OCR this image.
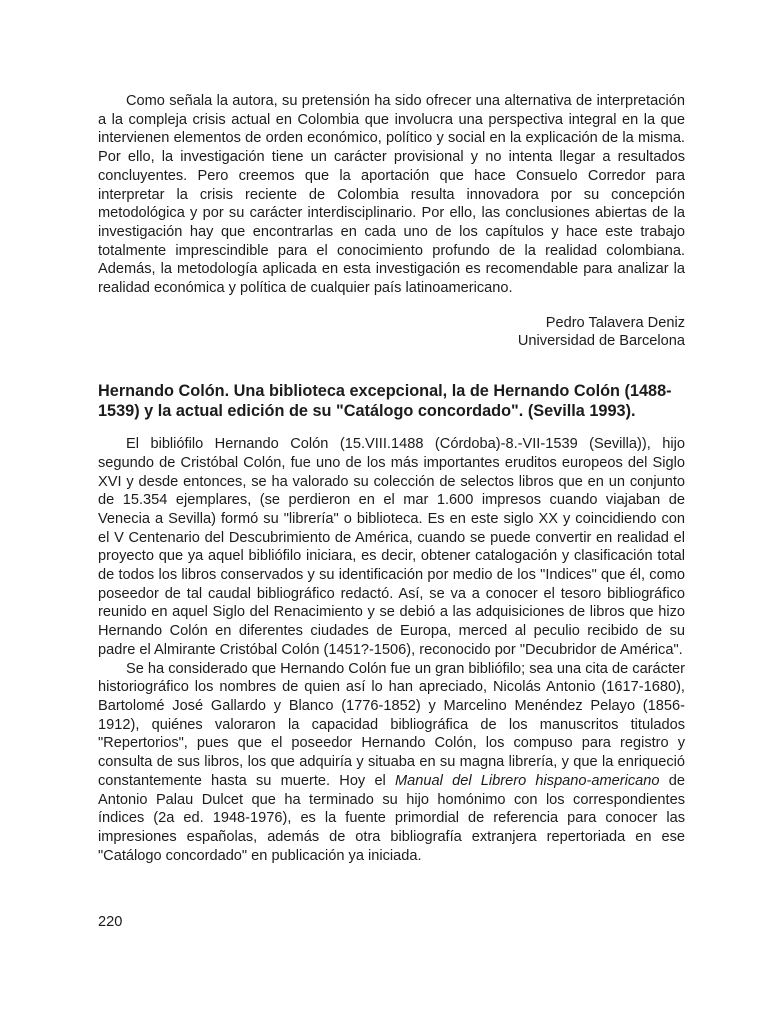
Como señala la autora, su pretensión ha sido ofrecer una alternativa de interpretación a la compleja crisis actual en Colombia que involucra una perspectiva integral en la que intervienen elementos de orden económico, político y social en la explicación de la misma. Por ello, la investigación tiene un carácter provisional y no intenta llegar a resultados concluyentes. Pero creemos que la aportación que hace Consuelo Corredor para interpretar la crisis reciente de Colombia resulta innovadora por su concepción metodológica y por su carácter interdisciplinario. Por ello, las conclusiones abiertas de la investigación hay que encontrarlas en cada uno de los capítulos y hace este trabajo totalmente imprescindible para el conocimiento profundo de la realidad colombiana. Además, la metodología aplicada en esta investigación es recomendable para analizar la realidad económica y política de cualquier país latinoamericano.

Pedro Talavera Deniz
Universidad de Barcelona
Hernando Colón. Una biblioteca excepcional, la de Hernando Colón (1488-1539) y la actual edición de su "Catálogo concordado". (Sevilla 1993).

El bibliófilo Hernando Colón (15.VIII.1488 (Córdoba)-8.-VII-1539 (Sevilla)), hijo segundo de Cristóbal Colón, fue uno de los más importantes eruditos europeos del Siglo XVI y desde entonces, se ha valorado su colección de selectos libros que en un conjunto de 15.354 ejemplares, (se perdieron en el mar 1.600 impresos cuando viajaban de Venecia a Sevilla) formó su "librería" o biblioteca. Es en este siglo XX y coincidiendo con el V Centenario del Descubrimiento de América, cuando se puede convertir en realidad el proyecto que ya aquel bibliófilo iniciara, es decir, obtener catalogación y clasificación total de todos los libros conservados y su identificación por medio de los "Indices" que él, como poseedor de tal caudal bibliográfico redactó. Así, se va a conocer el tesoro bibliográfico reunido en aquel Siglo del Renacimiento y se debió a las adquisiciones de libros que hizo Hernando Colón en diferentes ciudades de Europa, merced al peculio recibido de su padre el Almirante Cristóbal Colón (1451?-1506), reconocido por "Decubridor de América".

Se ha considerado que Hernando Colón fue un gran bibliófilo; sea una cita de carácter historiográfico los nombres de quien así lo han apreciado, Nicolás Antonio (1617-1680), Bartolomé José Gallardo y Blanco (1776-1852) y Marcelino Menéndez Pelayo (1856-1912), quiénes valoraron la capacidad bibliográfica de los manuscritos titulados "Repertorios", pues que el poseedor Hernando Colón, los compuso para registro y consulta de sus libros, los que adquiría y situaba en su magna librería, y que la enriqueció constantemente hasta su muerte. Hoy el Manual del Librero hispano-americano de Antonio Palau Dulcet que ha terminado su hijo homónimo con los correspondientes índices (2a ed. 1948-1976), es la fuente primordial de referencia para conocer las impresiones españolas, además de otra bibliografía extranjera repertoriada en ese "Catálogo concordado" en publicación ya iniciada.

220
